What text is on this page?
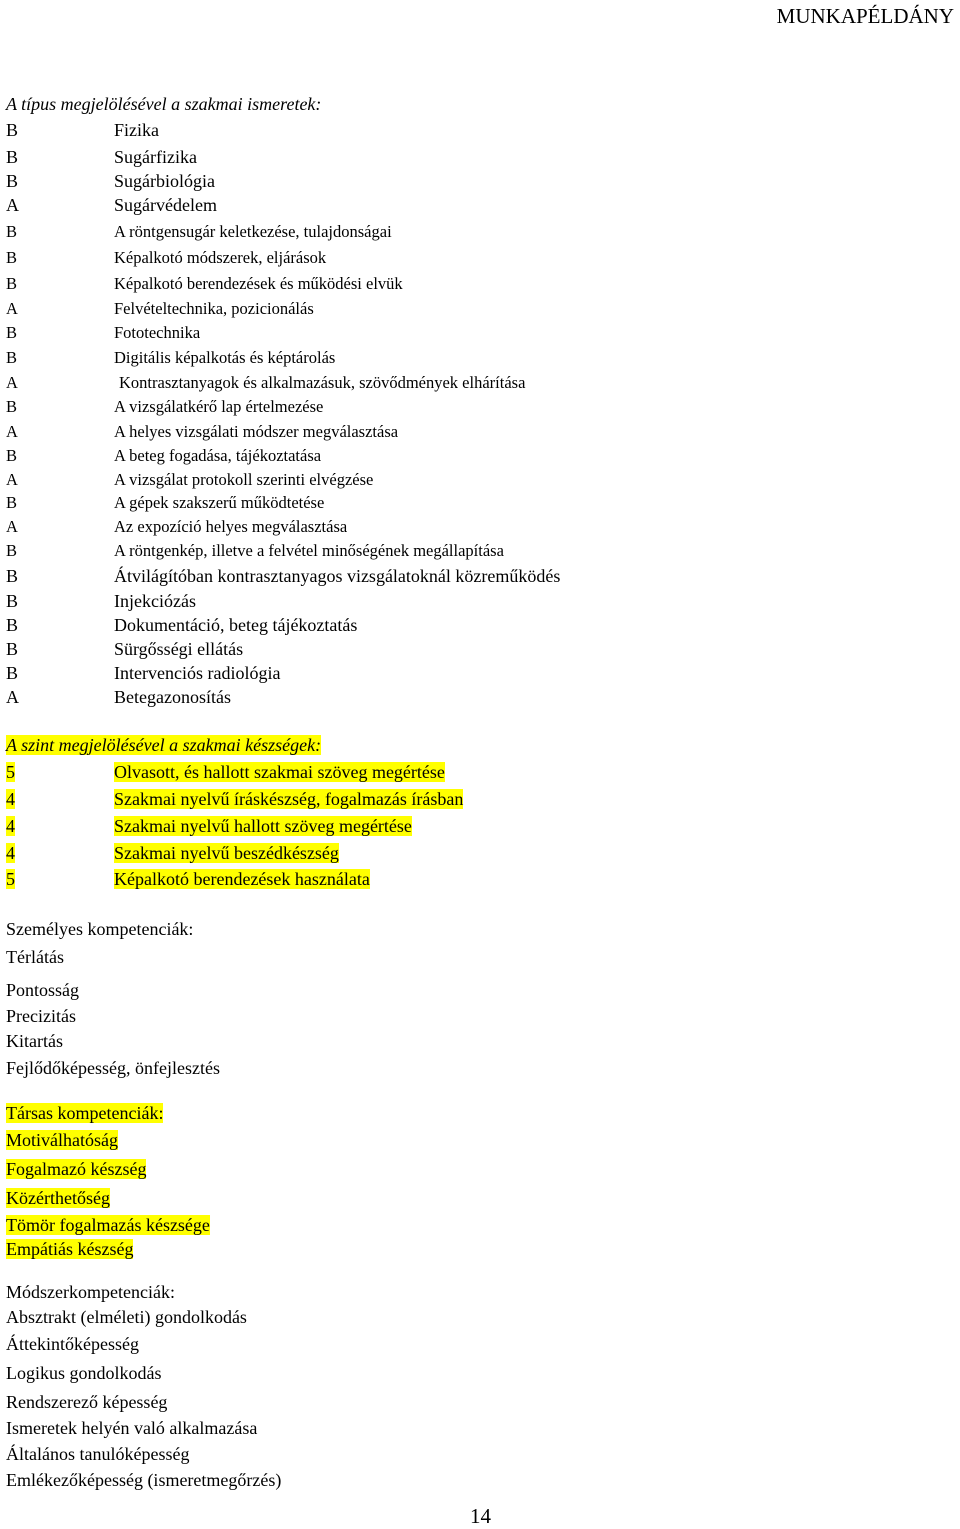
MUNKAPÉLDÁNY
A típus megjelölésével a szakmai ismeretek:
B	Fizika
B	Sugárfizika
B	Sugárbiológia
A	Sugárvédelem
B	A röntgensugár keletkezése, tulajdonságai
B	Képalkotó módszerek, eljárások
B	Képalkotó berendezések és működési elvük
A	Felvételtechnika, pozicionálás
B	Fototechnika
B	Digitális képalkotás és képtárolás
A	Kontrasztanyagok és alkalmazásuk, szövődmények elhárítása
B	A vizsgálatkérő lap értelmezése
A	A helyes vizsgálati módszer megválasztása
B	A beteg fogadása, tájékoztatása
A	A vizsgálat protokoll szerinti elvégzése
B	A gépek szakszerű működtetése
A	Az expozíció helyes megválasztása
B	A röntgenkép, illetve a felvétel minőségének megállapítása
B	Átvilágítóban kontrasztanyagos vizsgálatoknál közreműködés
B	Injekciózás
B	Dokumentáció, beteg tájékoztatás
B	Sürgősségi ellátás
B	Intervenciós radiológia
A	Betegazonosítás
A szint megjelölésével a szakmai készségek:
5	Olvasott, és hallott szakmai szöveg megértése
4	Szakmai nyelvű íráskészség, fogalmazás írásban
4	Szakmai nyelvű hallott szöveg megértése
4	Szakmai nyelvű beszédkészség
5	Képalkotó berendezések használata
Személyes kompetenciák:
Térlátás
Pontosság
Precizitás
Kitartás
Fejlődőképesség, önfejlesztés
Társas kompetenciák:
Motiválhatóság
Fogalmazó készség
Közérthetőség
Tömör fogalmazás készsége
Empátiás készség
Módszerkompetenciák:
Absztrakt (elméleti) gondolkodás
Áttekintőképesség
Logikus gondolkodás
Rendszerező képesség
Ismeretek helyén való alkalmazása
Általános tanulóképesség
Emlékezőképesség (ismeretmegőrzés)
14
